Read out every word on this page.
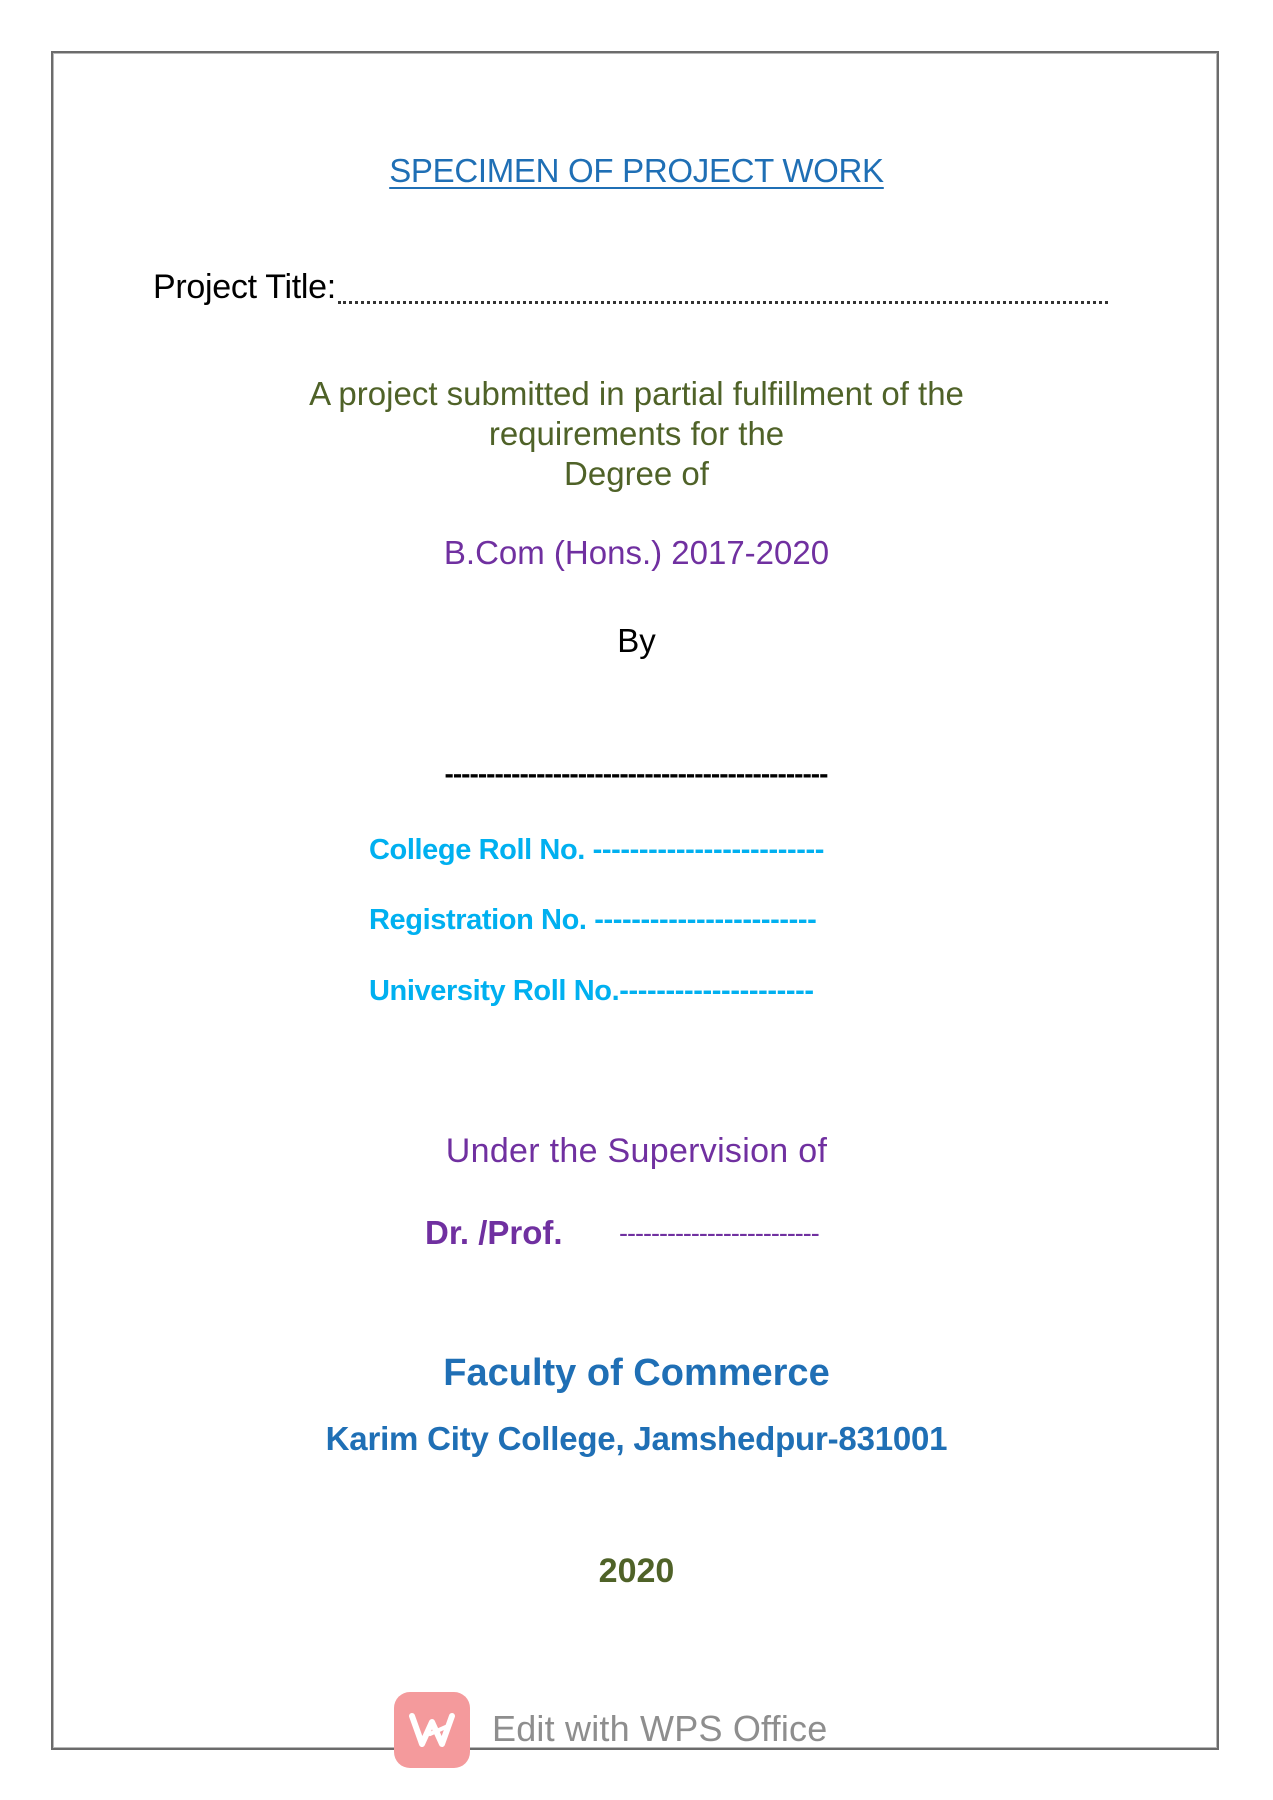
SPECIMEN OF PROJECT WORK
Project Title:
A project submitted in partial fulfillment of the
requirements for the
Degree of
B.Com (Hons.) 2017-2020
By
----------------------------------------------
College Roll No. -------------------------
Registration No. ------------------------
University Roll No.---------------------
Under the Supervision of
Dr. /Prof. -------------------------
Faculty of Commerce
Karim City College, Jamshedpur-831001
2020
Edit with WPS Office
